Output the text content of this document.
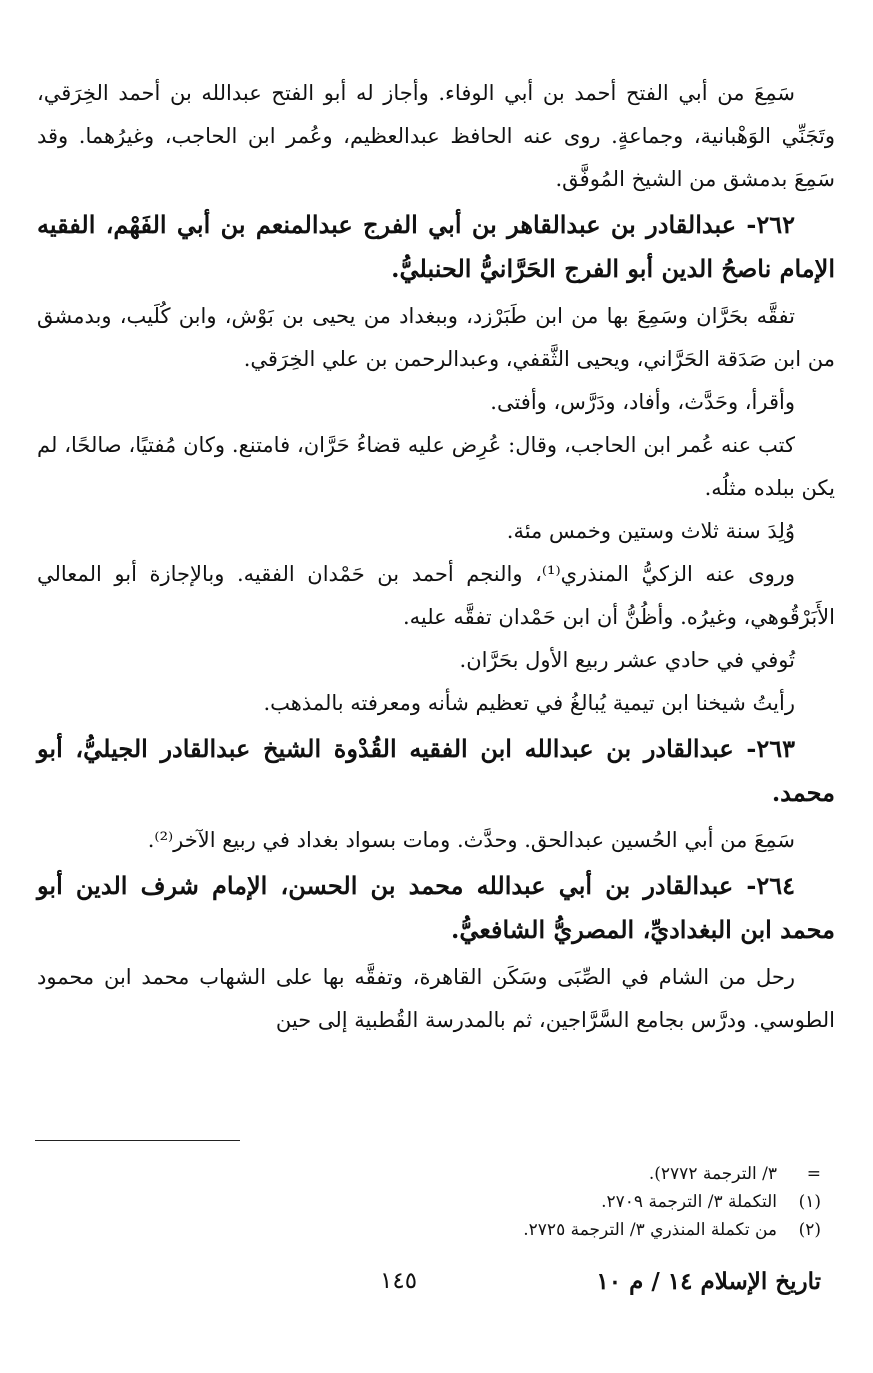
سَمِعَ من أبي الفتح أحمد بن أبي الوفاء. وأجاز له أبو الفتح عبدالله بن أحمد الخِرَقي، وتَجَنِّي الوَهْبانية، وجماعةٍ. روى عنه الحافظ عبدالعظيم، وعُمر ابن الحاجب، وغيرُهما. وقد سَمِعَ بدمشق من الشيخ المُوفَّق.

٢٦٢- عبدالقادر بن عبدالقاهر بن أبي الفرج عبدالمنعم بن أبي الفَهْم، الفقيه الإمام ناصحُ الدين أبو الفرج الحَرَّانيُّ الحنبليُّ.

تفقَّه بحَرَّان وسَمِعَ بها من ابن طَبَرْزد، وببغداد من يحيى بن بَوْش، وابن كُلَيب، وبدمشق من ابن صَدَقة الحَرَّاني، ويحيى الثَّقفي، وعبدالرحمن بن علي الخِرَقي.

وأقرأ، وحَدَّث، وأفاد، ودَرَّس، وأفتى.

كتب عنه عُمر ابن الحاجب، وقال: عُرِض عليه قضاءُ حَرَّان، فامتنع. وكان مُفتيًا، صالحًا، لم يكن ببلده مثلُه.

وُلِدَ سنة ثلاث وستين وخمس مئة.

وروى عنه الزكيُّ المنذري⁽¹⁾، والنجم أحمد بن حَمْدان الفقيه. وبالإجازة أبو المعالي الأَبَرْقُوهي، وغيرُه. وأظُنُّ أن ابن حَمْدان تفقَّه عليه.

تُوفي في حادي عشر ربيع الأول بحَرَّان.

رأيتُ شيخنا ابن تيمية يُبالغُ في تعظيم شأنه ومعرفته بالمذهب.

٢٦٣- عبدالقادر بن عبدالله ابن الفقيه القُدْوة الشيخ عبدالقادر الجيليُّ، أبو محمد.

سَمِعَ من أبي الحُسين عبدالحق. وحدَّث. ومات بسواد بغداد في ربيع الآخر⁽²⁾.

٢٦٤- عبدالقادر بن أبي عبدالله محمد بن الحسن، الإمام شرف الدين أبو محمد ابن البغداديِّ، المصريُّ الشافعيُّ.

رحل من الشام في الصِّبَى وسَكَن القاهرة، وتفقَّه بها على الشهاب محمد ابن محمود الطوسي. ودرَّس بجامع السَّرَّاجين، ثم بالمدرسة القُطبية إلى حين

=
٣/ الترجمة ٢٧٧٢).
(١)
التكملة ٣/ الترجمة ٢٧٠٩.
(٢)
من تكملة المنذري ٣/ الترجمة ٢٧٢٥.
تاريخ الإسلام ١٤ / م ١٠
١٤٥
